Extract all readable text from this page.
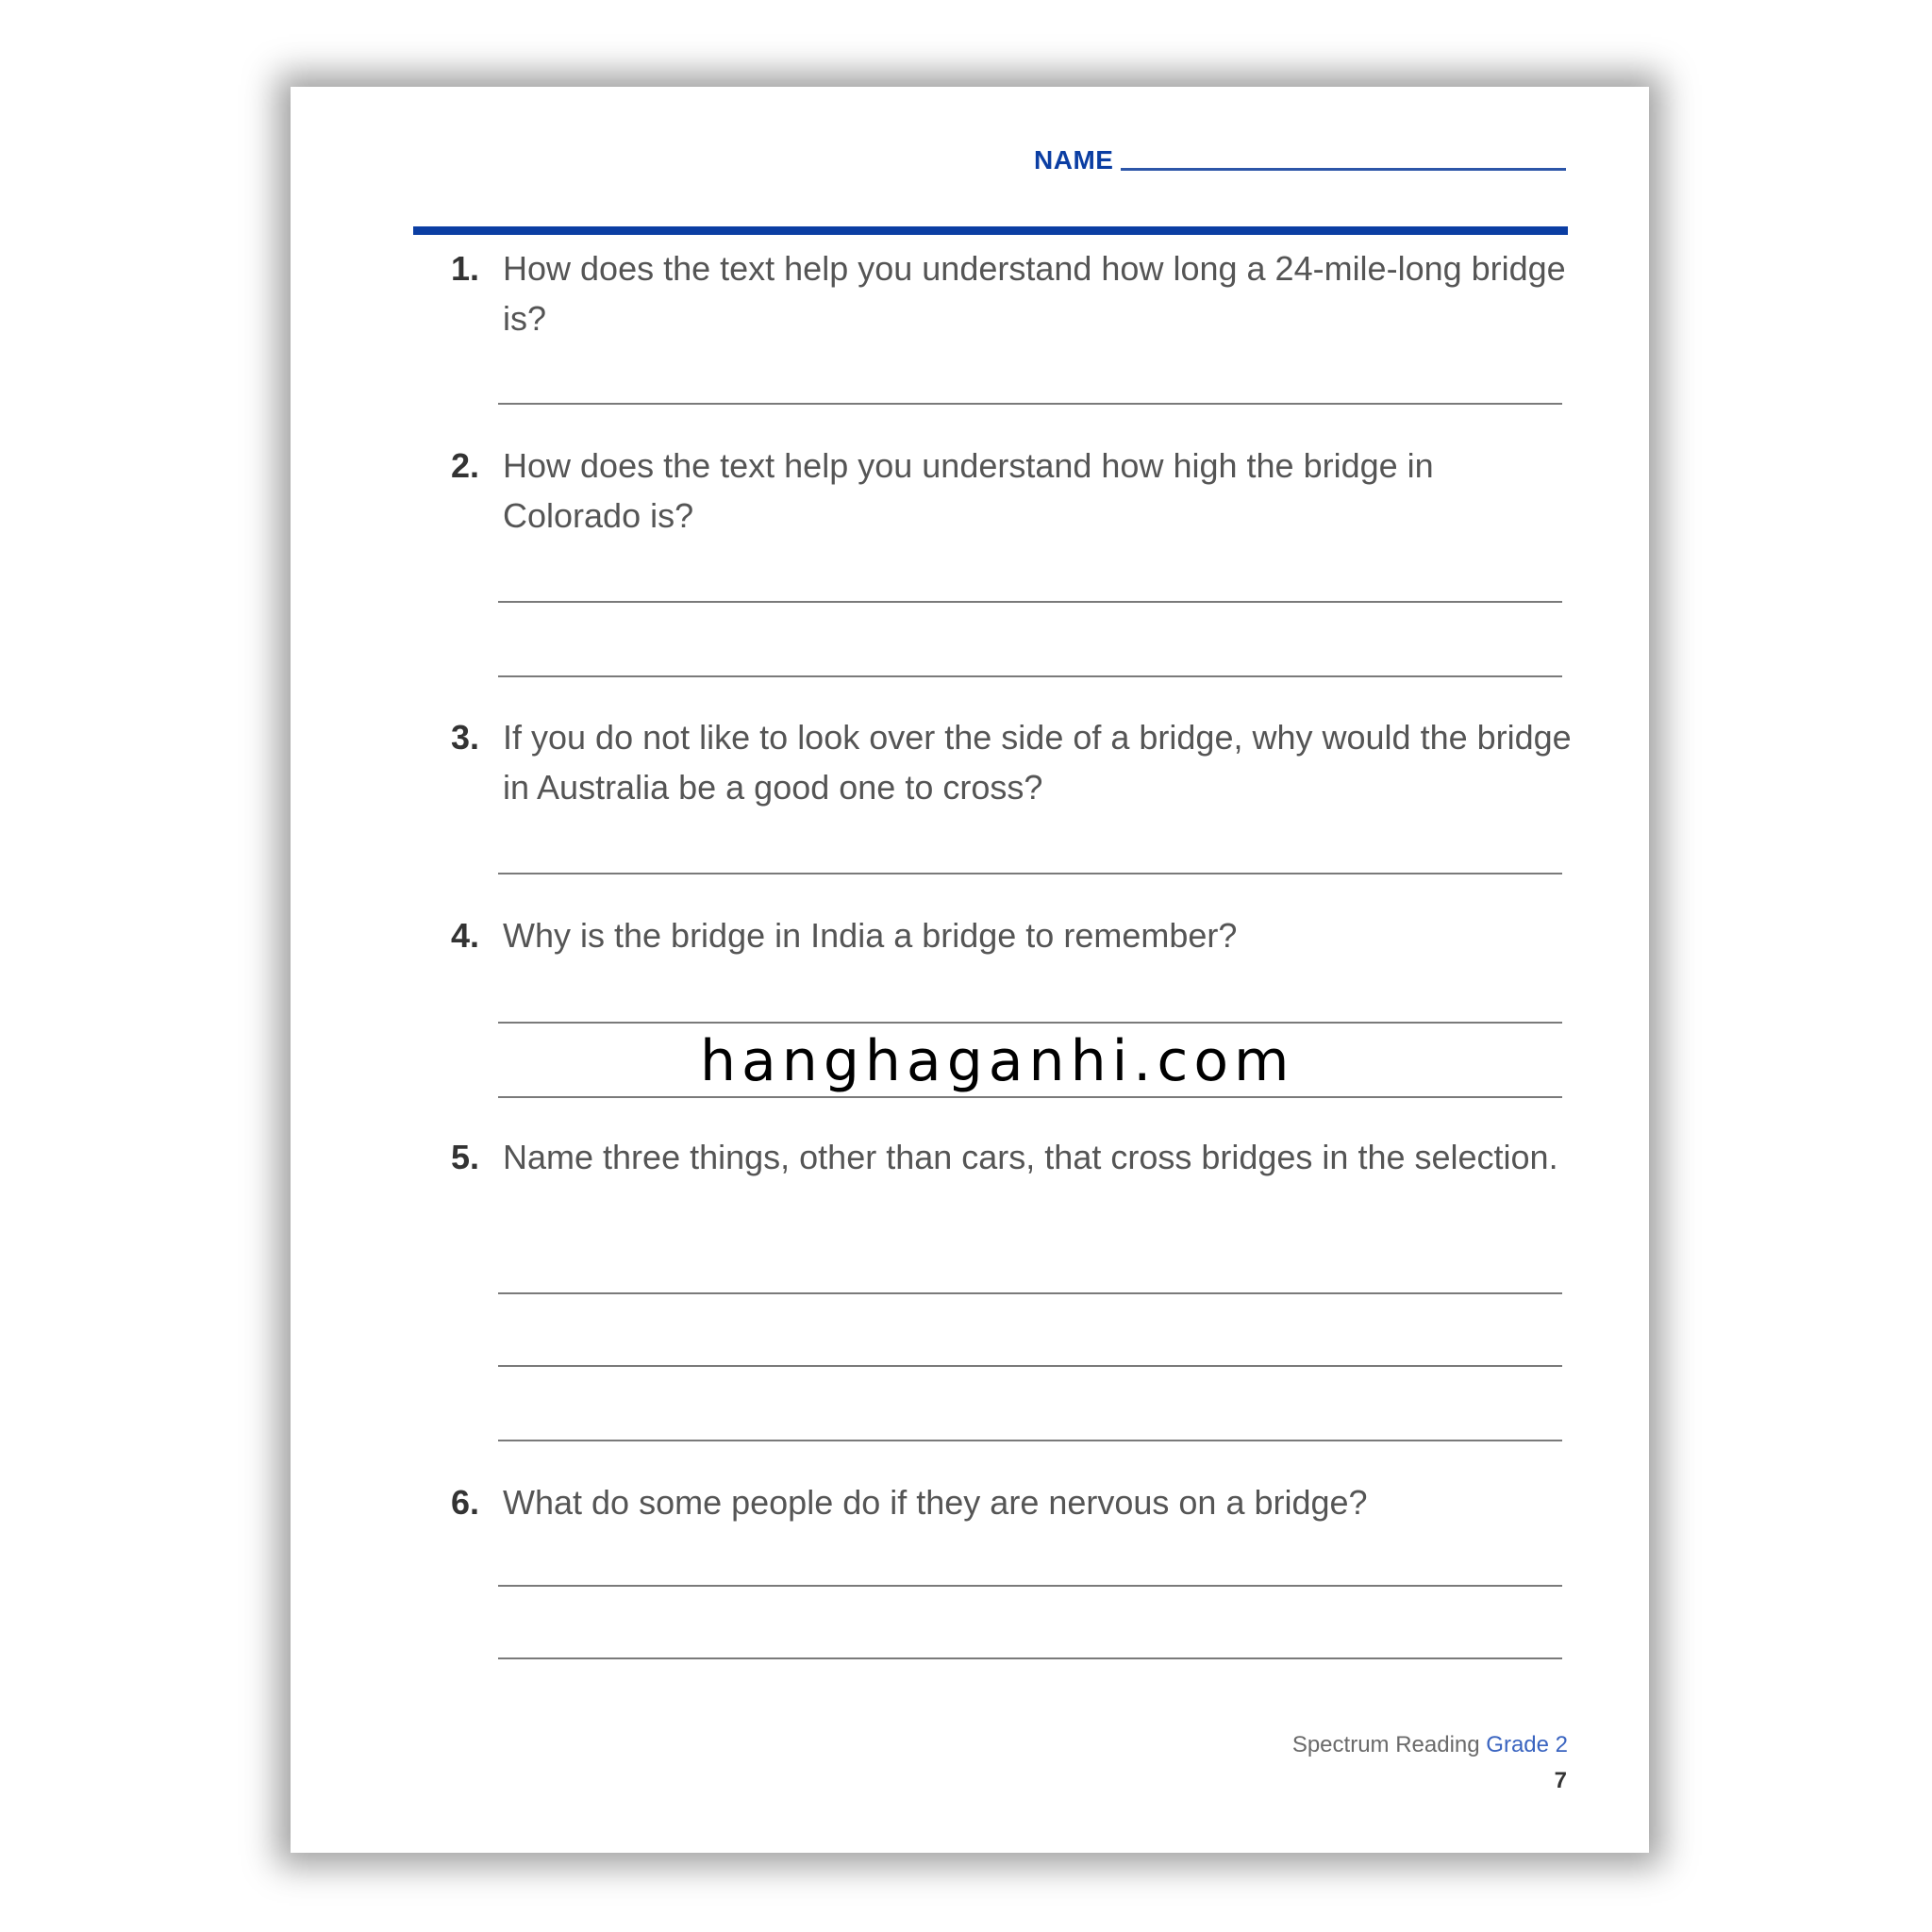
NAME
1. How does the text help you understand how long a 24-mile-long bridge is?
2. How does the text help you understand how high the bridge in Colorado is?
3. If you do not like to look over the side of a bridge, why would the bridge in Australia be a good one to cross?
4. Why is the bridge in India a bridge to remember?
5. Name three things, other than cars, that cross bridges in the selection.
6. What do some people do if they are nervous on a bridge?
Spectrum Reading Grade 2
7
hanghaganhi.com
